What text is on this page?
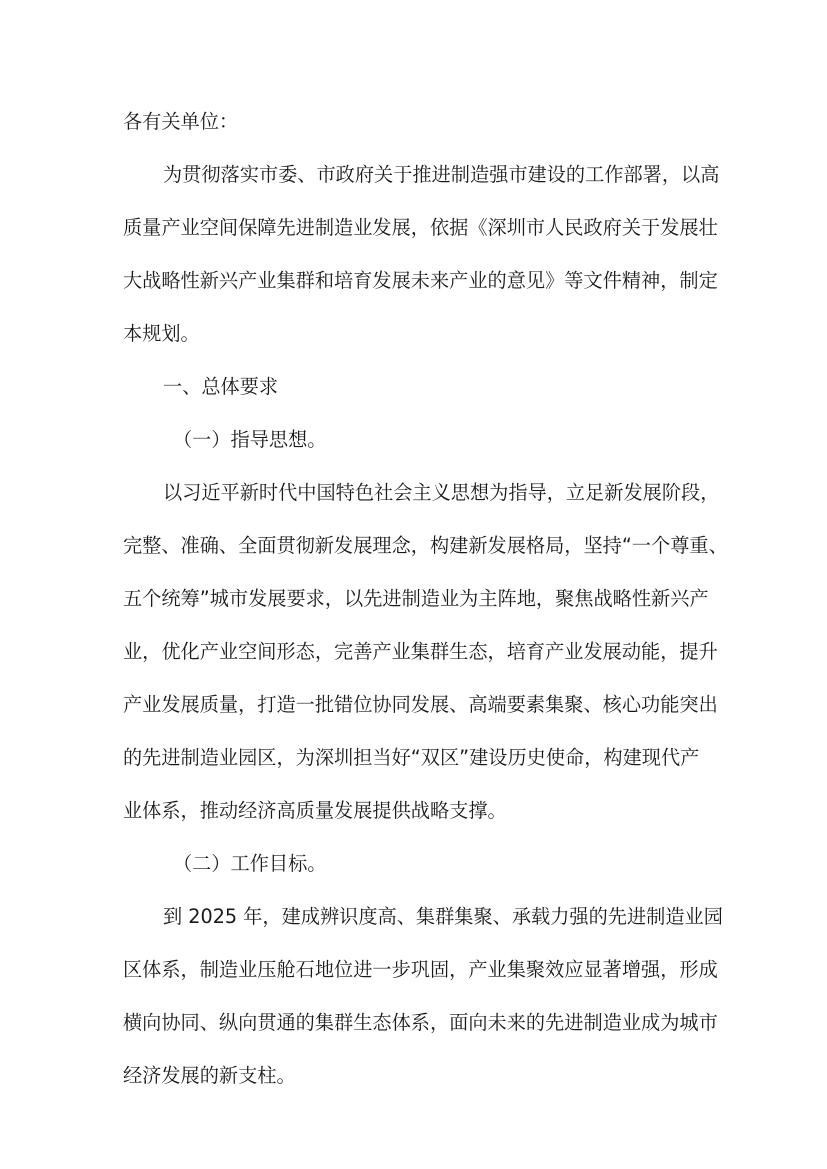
各有关单位：

为贯彻落实市委、市政府关于推进制造强市建设的工作部署，以高

质量产业空间保障先进制造业发展，依据《深圳市人民政府关于发展壮

大战略性新兴产业集群和培育发展未来产业的意见》等文件精神，制定

本规划。

一、总体要求

（一）指导思想。

以习近平新时代中国特色社会主义思想为指导，立足新发展阶段，

完整、准确、全面贯彻新发展理念，构建新发展格局，坚持“一个尊重、

五个统筹”城市发展要求，以先进制造业为主阵地，聚焦战略性新兴产

业，优化产业空间形态，完善产业集群生态，培育产业发展动能，提升

产业发展质量，打造一批错位协同发展、高端要素集聚、核心功能突出

的先进制造业园区，为深圳担当好“双区”建设历史使命，构建现代产

业体系，推动经济高质量发展提供战略支撑。

（二）工作目标。

到 2025 年，建成辨识度高、集群集聚、承载力强的先进制造业园

区体系，制造业压舱石地位进一步巩固，产业集聚效应显著增强，形成

横向协同、纵向贯通的集群生态体系，面向未来的先进制造业成为城市

经济发展的新支柱。
